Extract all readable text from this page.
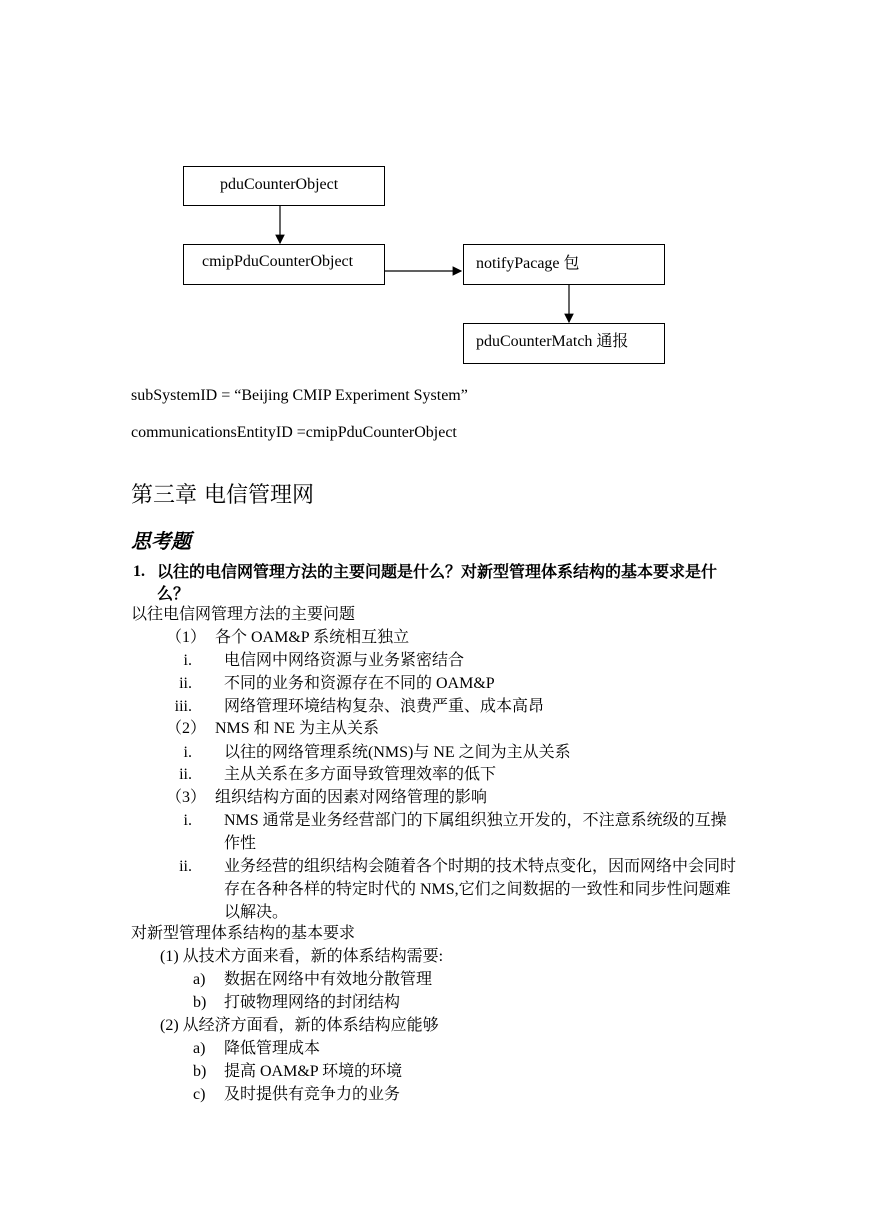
pduCounterObject
cmipPduCounterObject	notifyPacage 包
pduCounterMatch 通报
subSystemID = “Beijing CMIP Experiment System”
communicationsEntityID =cmipPduCounterObject
第三章 电信管理网
思考题
1. 以往的电信网管理方法的主要问题是什么？对新型管理体系结构的基本要求是什么？
以往电信网管理方法的主要问题
（1） 各个 OAM&P 系统相互独立
i. 电信网中网络资源与业务紧密结合
ii. 不同的业务和资源存在不同的 OAM&P
iii. 网络管理环境结构复杂、浪费严重、成本高昂
（2） NMS 和 NE 为主从关系
i. 以往的网络管理系统(NMS)与 NE 之间为主从关系
ii. 主从关系在多方面导致管理效率的低下
（3） 组织结构方面的因素对网络管理的影响
i. NMS 通常是业务经营部门的下属组织独立开发的，不注意系统级的互操作性
ii. 业务经营的组织结构会随着各个时期的技术特点变化，因而网络中会同时存在各种各样的特定时代的 NMS,它们之间数据的一致性和同步性问题难以解决。
对新型管理体系结构的基本要求
(1) 从技术方面来看，新的体系结构需要:
a) 数据在网络中有效地分散管理
b) 打破物理网络的封闭结构
(2) 从经济方面看，新的体系结构应能够
a) 降低管理成本
b) 提高 OAM&P 环境的环境
c) 及时提供有竞争力的业务
